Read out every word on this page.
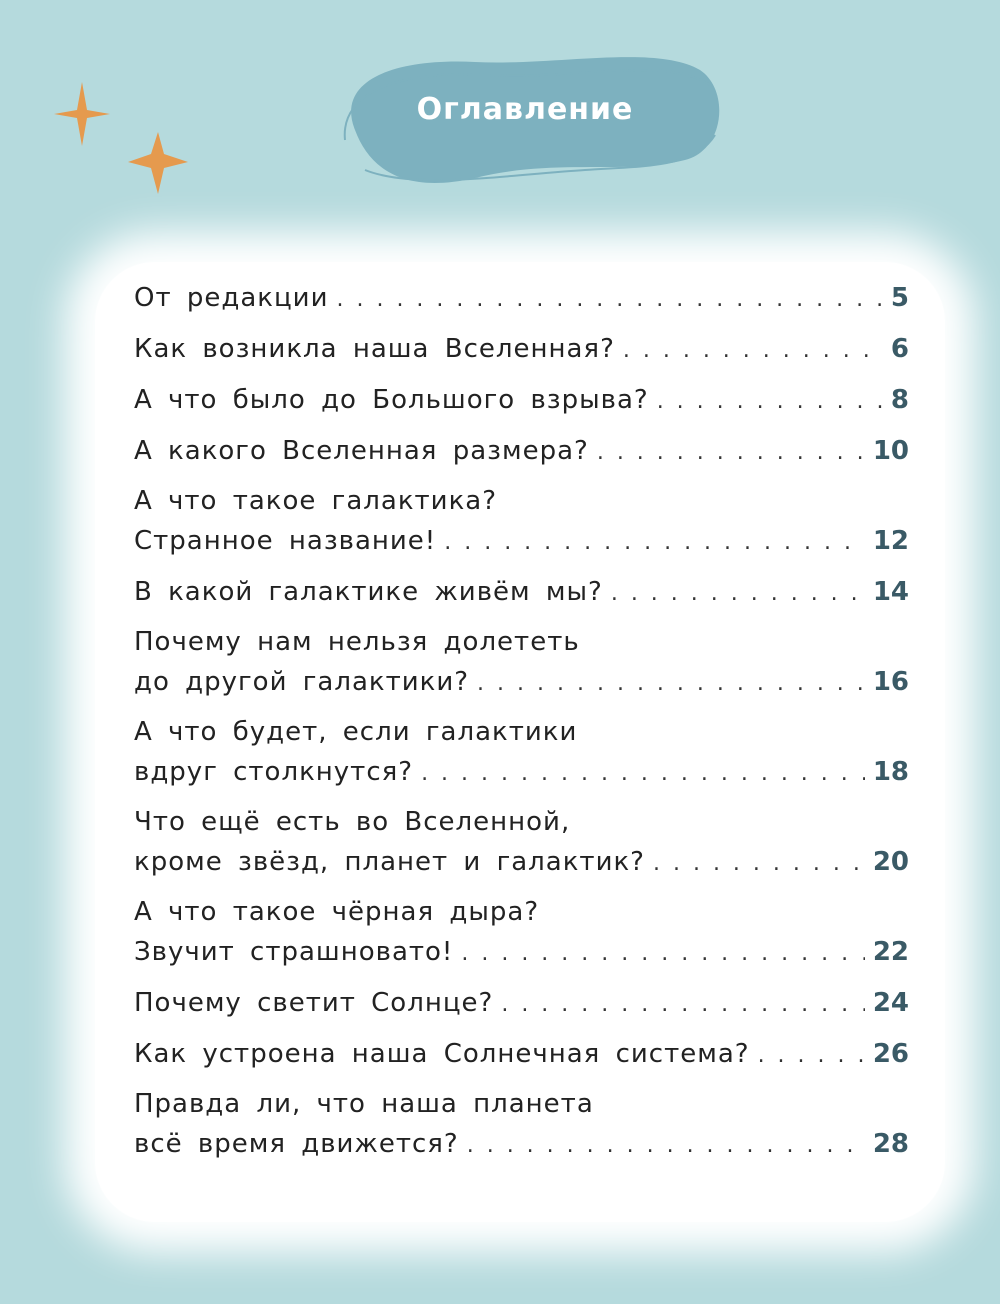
Оглавление
От редакции . . .	5
Как возникла наша Вселенная? . . .	6
А что было до Большого взрыва? . . .	8
А какого Вселенная размера? . . .	10
А что такое галактика?
Странное название! . . .	12
В какой галактике живём мы? . . .	14
Почему нам нельзя долететь
до другой галактики? . . .	16
А что будет, если галактики
вдруг столкнутся? . . .	18
Что ещё есть во Вселенной,
кроме звёзд, планет и галактик? . . .	20
А что такое чёрная дыра?
Звучит страшновато! . . .	22
Почему светит Солнце? . . .	24
Как устроена наша Солнечная система? . . .	26
Правда ли, что наша планета
всё время движется? . . .	28
